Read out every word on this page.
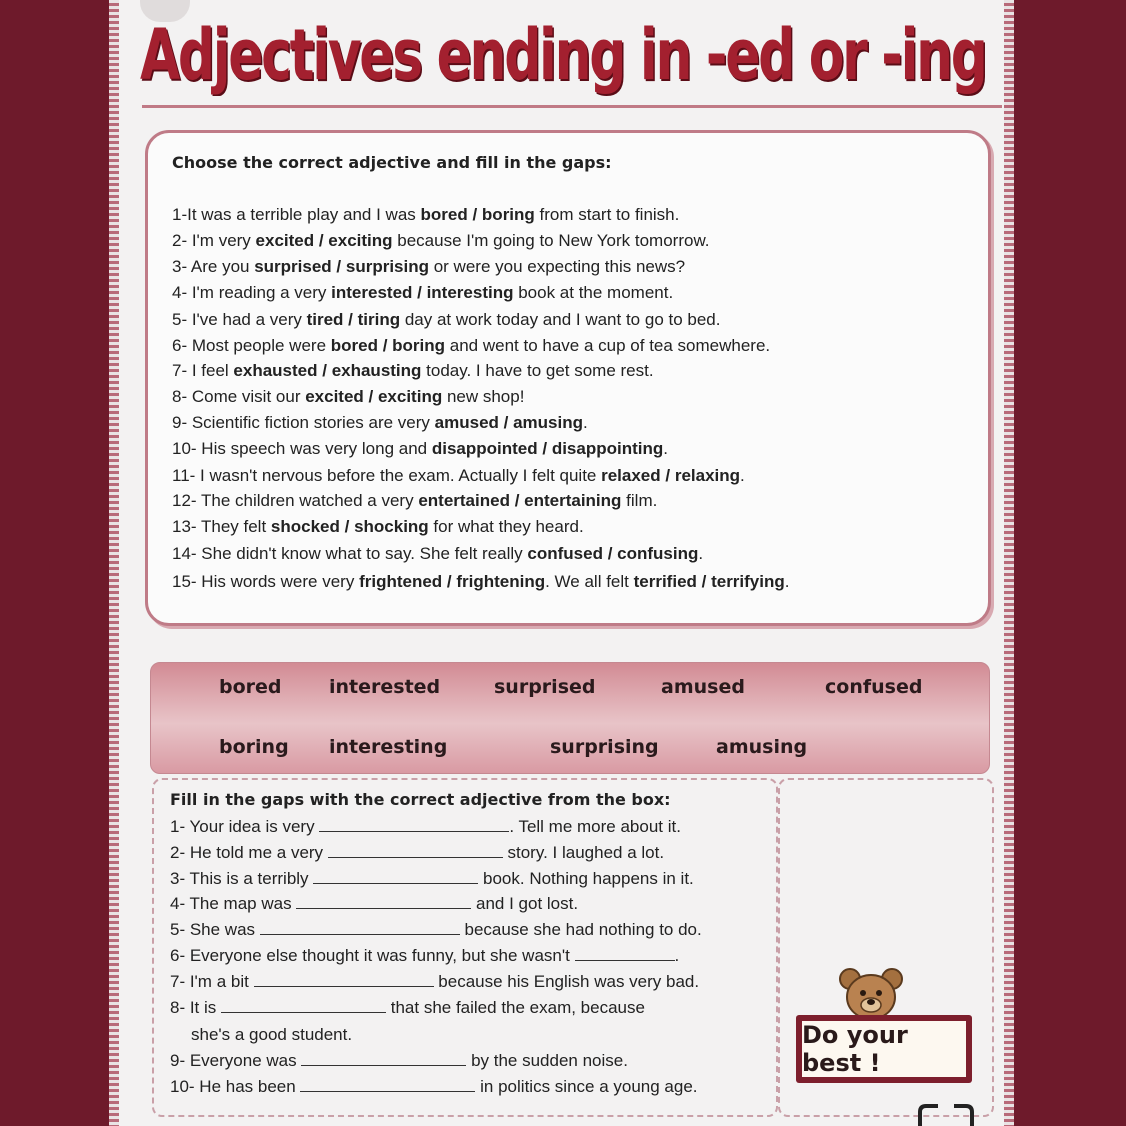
Adjectives ending in -ed or -ing
Choose the correct adjective and fill in the gaps:
1-It was a terrible play and I was bored / boring from start to finish.
2- I'm very excited / exciting because I'm going to New York tomorrow.
3- Are you surprised / surprising or were you expecting this news?
4- I'm reading a very interested / interesting book at the moment.
5- I've had a very tired / tiring day at work today and I want to go to bed.
6- Most people were bored / boring and went to have a cup of tea somewhere.
7- I feel exhausted / exhausting today. I have to get some rest.
8- Come visit our excited / exciting new shop!
9- Scientific fiction stories are very amused / amusing.
10- His speech was very long and disappointed / disappointing.
11- I wasn't nervous before the exam. Actually I felt quite relaxed / relaxing.
12- The children watched a very entertained / entertaining film.
13- They felt shocked / shocking for what they heard.
14- She didn't know what to say. She felt really confused / confusing.
15- His words were very frightened / frightening. We all felt terrified / terrifying.
bored interested	surprised	amused	confused
boring interesting	surprising	amusing
Fill in the gaps with the correct adjective from the box:
1- Your idea is very	. Tell me more about it.
2- He told me a very	story. I laughed a lot.
3- This is a terribly	book. Nothing happens in it.
4- The map was	and I got lost.
5- She was	because she had nothing to do.
6- Everyone else thought it was funny, but she wasn't	.
7- I'm a bit	because his English was very bad.
8- It is	that she failed the exam, because
she's a good student.
9- Everyone was	by the sudden noise.
10- He has been	in politics since a young age.
Do your best !
